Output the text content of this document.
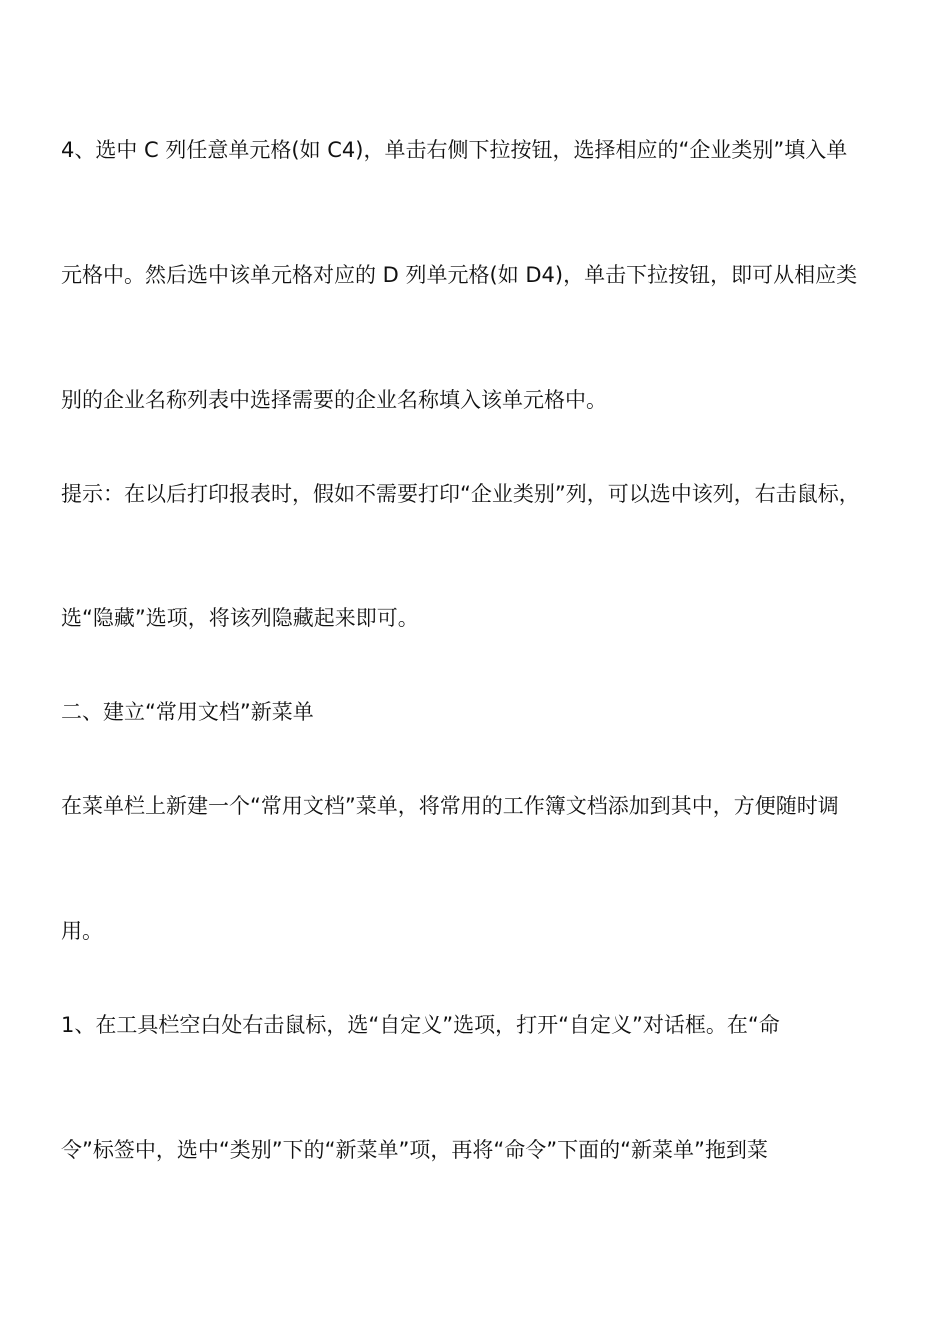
4、选中 C 列任意单元格(如 C4)，单击右侧下拉按钮，选择相应的“企业类别”填入单
元格中。然后选中该单元格对应的 D 列单元格(如 D4)，单击下拉按钮，即可从相应类
别的企业名称列表中选择需要的企业名称填入该单元格中。
提示：在以后打印报表时，假如不需要打印“企业类别”列，可以选中该列，右击鼠标，
选“隐藏”选项，将该列隐藏起来即可。
二、建立“常用文档”新菜单
在菜单栏上新建一个“常用文档”菜单，将常用的工作簿文档添加到其中，方便随时调
用。
1、在工具栏空白处右击鼠标，选“自定义”选项，打开“自定义”对话框。在“命
令”标签中，选中“类别”下的“新菜单”项，再将“命令”下面的“新菜单”拖到菜
